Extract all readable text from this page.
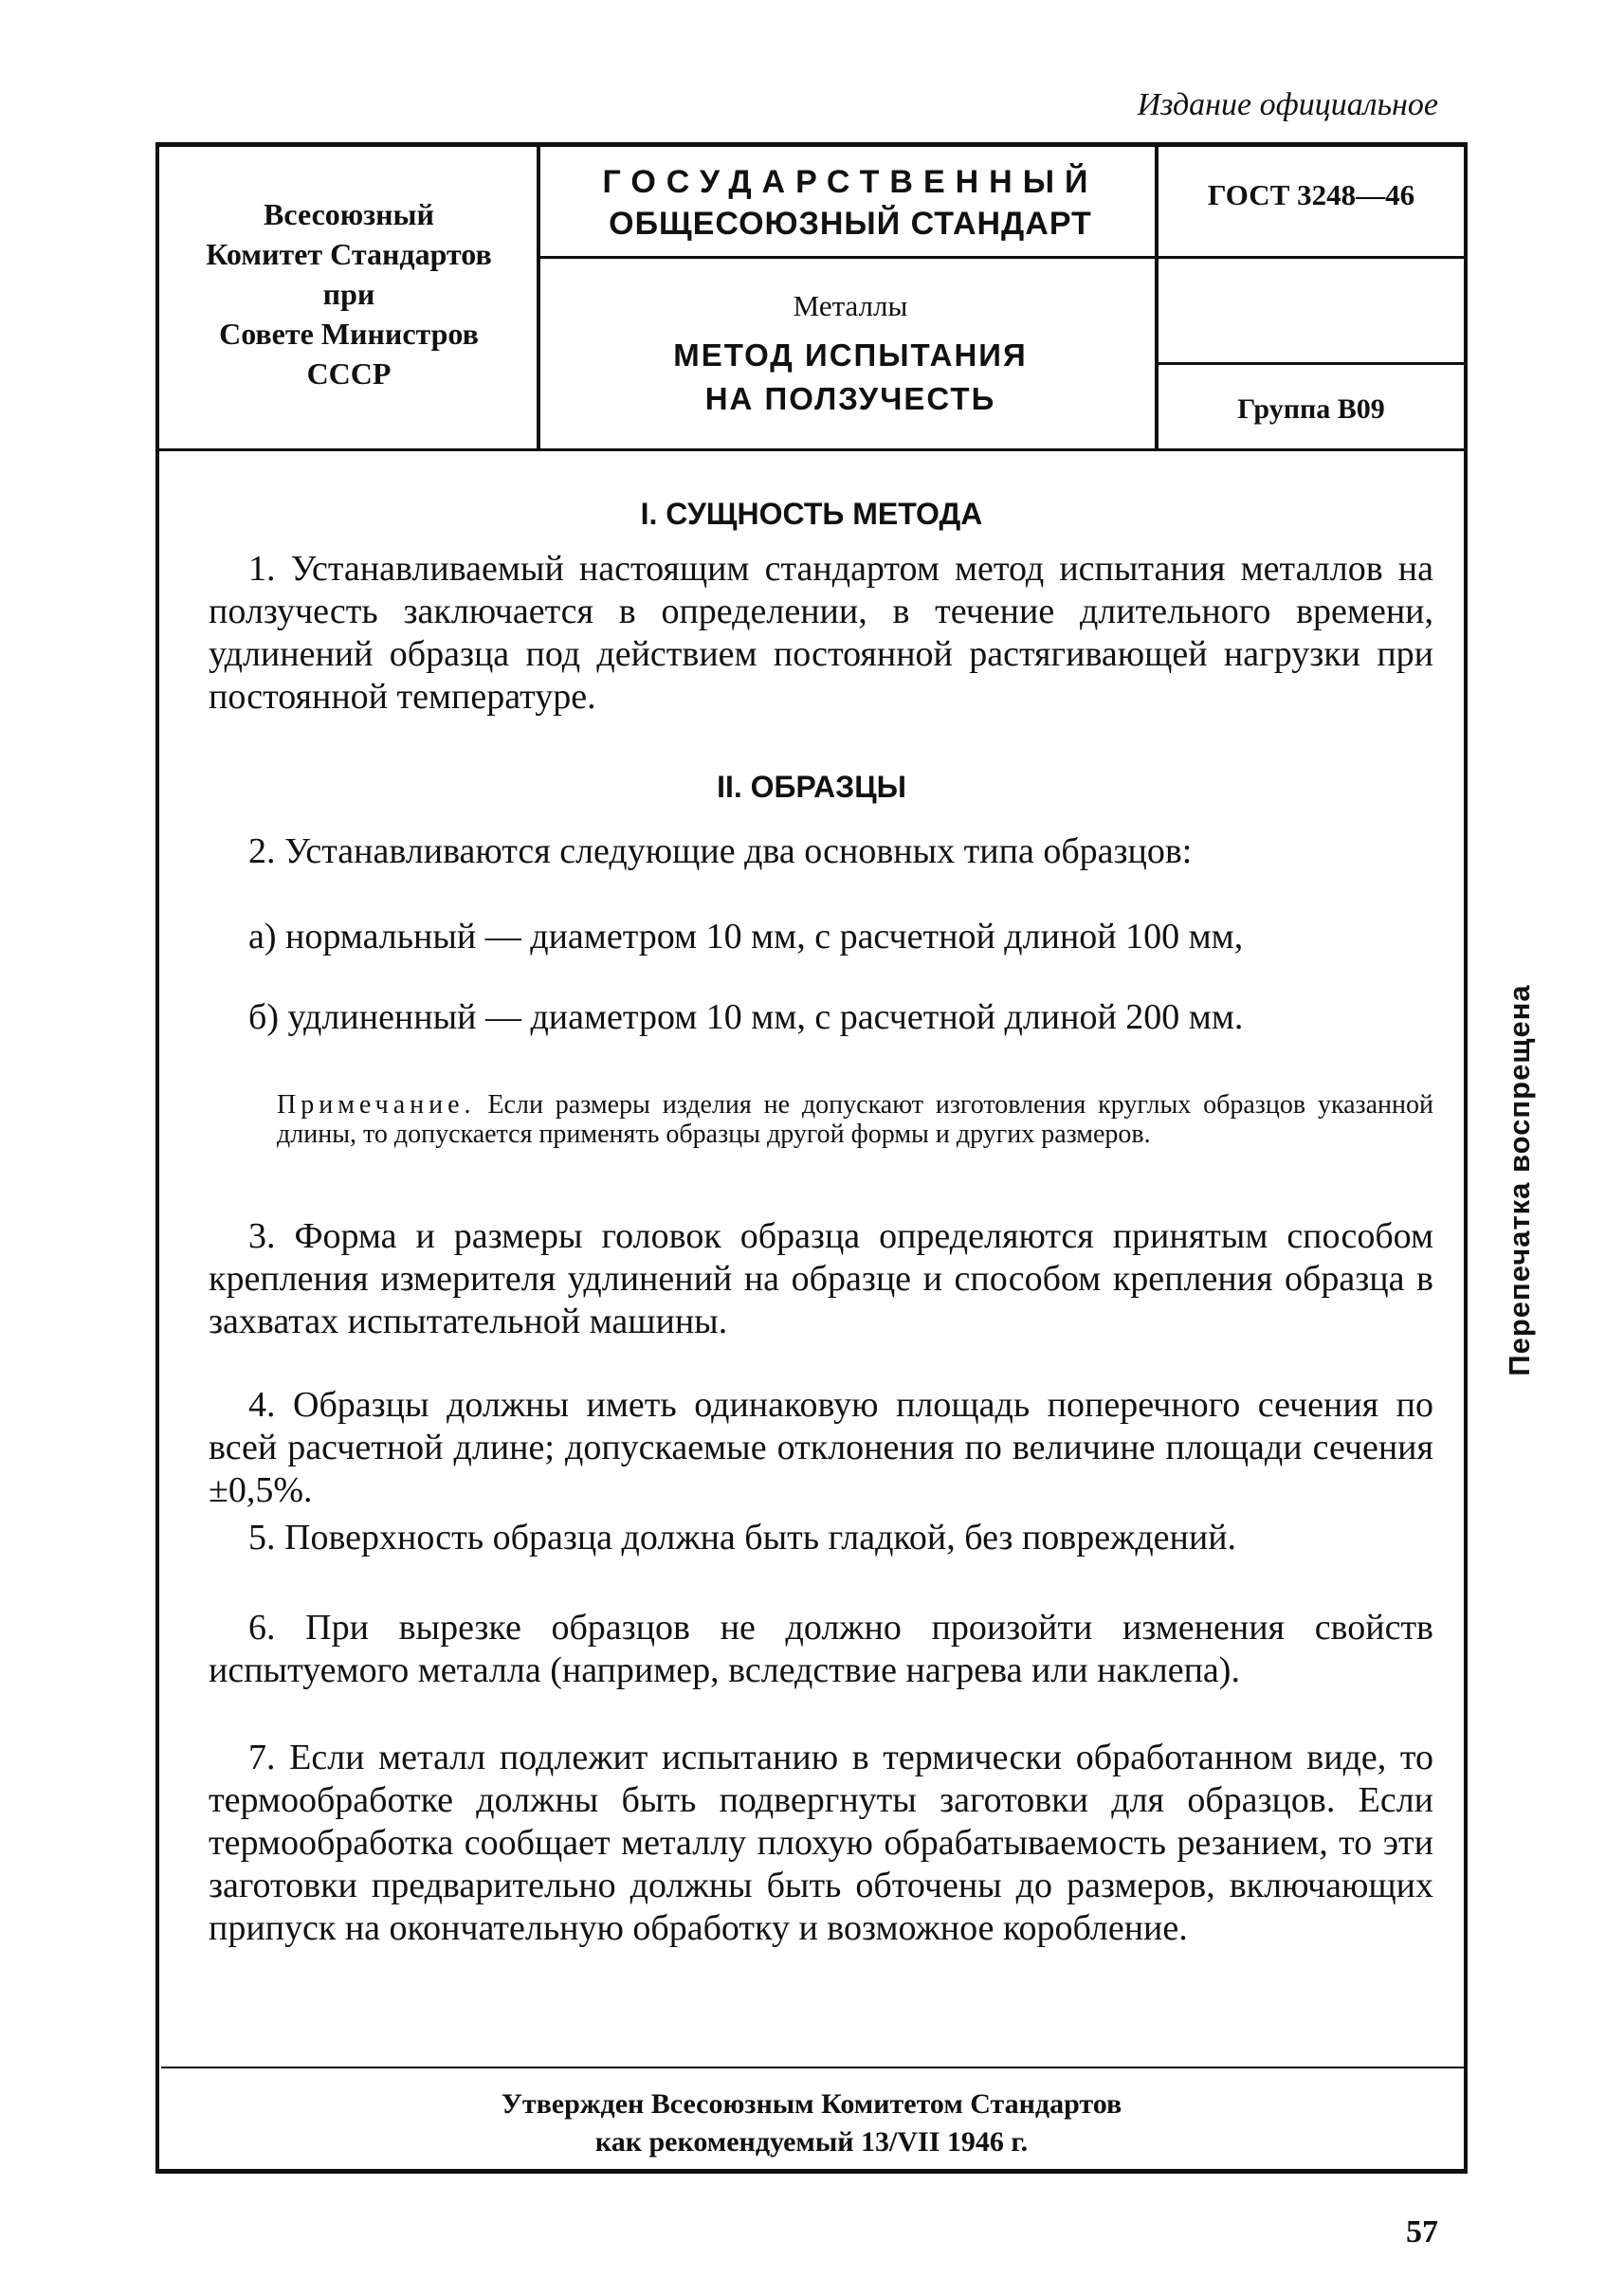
Издание официальное
Всесоюзный
Комитет Стандартов
при
Совете Министров
СССР
ГОСУДАРСТВЕННЫЙ
ОБЩЕСОЮЗНЫЙ СТАНДАРТ
Металлы
МЕТОД ИСПЫТАНИЯ
НА ПОЛЗУЧЕСТЬ
ГОСТ 3248—46
Группа В09
I. СУЩНОСТЬ МЕТОДА
1. Устанавливаемый настоящим стандартом метод испытания металлов на ползучесть заключается в определении, в течение длительного времени, удлинений образца под действием постоянной растягивающей нагрузки при постоянной температуре.
II. ОБРАЗЦЫ
2. Устанавливаются следующие два основных типа образцов:
а) нормальный — диаметром 10 мм, с расчетной длиной 100 мм,
б) удлиненный — диаметром 10 мм, с расчетной длиной 200 мм.
Примечание. Если размеры изделия не допускают изготовления круглых образцов указанной длины, то допускается применять образцы другой формы и других размеров.
3. Форма и размеры головок образца определяются принятым способом крепления измерителя удлинений на образце и способом крепления образца в захватах испытательной машины.
4. Образцы должны иметь одинаковую площадь поперечного сечения по всей расчетной длине; допускаемые отклонения по величине площади сечения ±0,5%.
5. Поверхность образца должна быть гладкой, без повреждений.
6. При вырезке образцов не должно произойти изменения свойств испытуемого металла (например, вследствие нагрева или наклепа).
7. Если металл подлежит испытанию в термически обработанном виде, то термообработке должны быть подвергнуты заготовки для образцов. Если термообработка сообщает металлу плохую обрабатываемость резанием, то эти заготовки предварительно должны быть обточены до размеров, включающих припуск на окончательную обработку и возможное коробление.
Перепечатка воспрещена
Утвержден Всесоюзным Комитетом Стандартов
как рекомендуемый 13/VII 1946 г.
57
